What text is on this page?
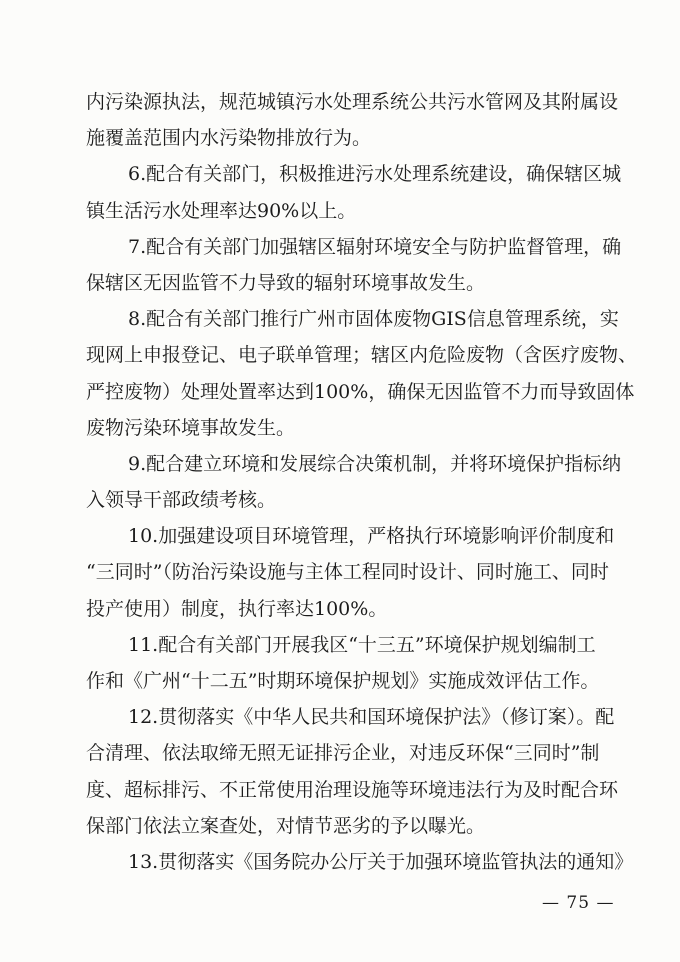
内污染源执法，规范城镇污水处理系统公共污水管网及其附属设
施覆盖范围内水污染物排放行为。
6.配合有关部门，积极推进污水处理系统建设，确保辖区城
镇生活污水处理率达90%以上。
7.配合有关部门加强辖区辐射环境安全与防护监督管理，确
保辖区无因监管不力导致的辐射环境事故发生。
8.配合有关部门推行广州市固体废物GIS信息管理系统，实
现网上申报登记、电子联单管理；辖区内危险废物（含医疗废物、
严控废物）处理处置率达到100%，确保无因监管不力而导致固体
废物污染环境事故发生。
9.配合建立环境和发展综合决策机制，并将环境保护指标纳
入领导干部政绩考核。
10.加强建设项目环境管理，严格执行环境影响评价制度和
“三同时”（防治污染设施与主体工程同时设计、同时施工、同时
投产使用）制度，执行率达100%。
11.配合有关部门开展我区“十三五”环境保护规划编制工
作和《广州“十二五”时期环境保护规划》实施成效评估工作。
12.贯彻落实《中华人民共和国环境保护法》（修订案）。配
合清理、依法取缔无照无证排污企业，对违反环保“三同时”制
度、超标排污、不正常使用治理设施等环境违法行为及时配合环
保部门依法立案查处，对情节恶劣的予以曝光。
13.贯彻落实《国务院办公厅关于加强环境监管执法的通知》
— 75 —
